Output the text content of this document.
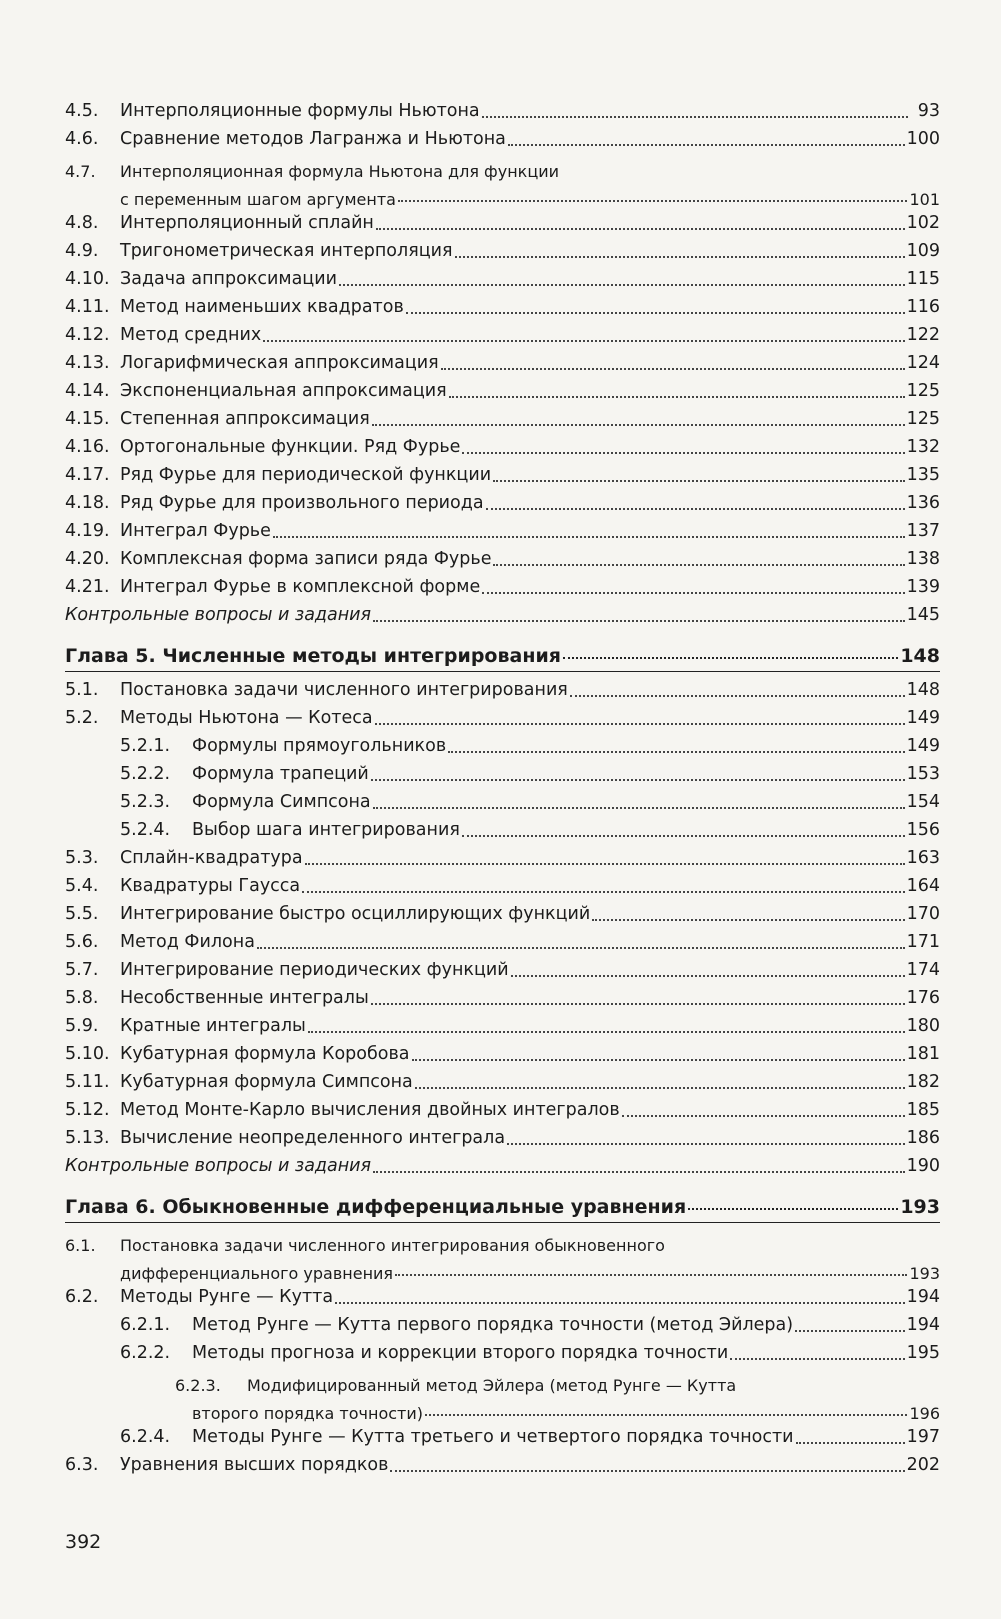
4.5.	Интерполяционные формулы Ньютона	93
4.6.	Сравнение методов Лагранжа и Ньютона	100
4.7.	Интерполяционная формула Ньютона для функции
с переменным шагом аргумента	101
4.8.	Интерполяционный сплайн	102
4.9.	Тригонометрическая интерполяция	109
4.10. Задача аппроксимации	115
4.11. Метод наименьших квадратов	116
4.12. Метод средних	122
4.13. Логарифмическая аппроксимация	124
4.14. Экспоненциальная аппроксимация	125
4.15. Степенная аппроксимация	125
4.16. Ортогональные функции. Ряд Фурье	132
4.17. Ряд Фурье для периодической функции	135
4.18. Ряд Фурье для произвольного периода	136
4.19. Интеграл Фурье	137
4.20. Комплексная форма записи ряда Фурье	138
4.21. Интеграл Фурье в комплексной форме	139
Контрольные вопросы и задания	145
Глава 5. Численные методы интегрирования	148
5.1.	Постановка задачи численного интегрирования	148
5.2.	Методы Ньютона — Котеса	149
5.2.1.	Формулы прямоугольников	149
5.2.2.	Формула трапеций	153
5.2.3.	Формула Симпсона	154
5.2.4.	Выбор шага интегрирования	156
5.3.	Сплайн-квадратура	163
5.4.	Квадратуры Гаусса	164
5.5.	Интегрирование быстро осциллирующих функций	170
5.6.	Метод Филона	171
5.7.	Интегрирование периодических функций	174
5.8.	Несобственные интегралы	176
5.9.	Кратные интегралы	180
5.10. Кубатурная формула Коробова	181
5.11. Кубатурная формула Симпсона	182
5.12. Метод Монте-Карло вычисления двойных интегралов	185
5.13. Вычисление неопределенного интеграла	186
Контрольные вопросы и задания	190
Глава 6. Обыкновенные дифференциальные уравнения	193
6.1.	Постановка задачи численного интегрирования обыкновенного
дифференциального уравнения	193
6.2.	Методы Рунге — Кутта	194
6.2.1.	Метод Рунге — Кутта первого порядка точности (метод Эйлера)	194
6.2.2.	Методы прогноза и коррекции второго порядка точности	195
6.2.3.	Модифицированный метод Эйлера (метод Рунге — Кутта
второго порядка точности)	196
6.2.4.	Методы Рунге — Кутта третьего и четвертого порядка точности	197
6.3.	Уравнения высших порядков	202
392
